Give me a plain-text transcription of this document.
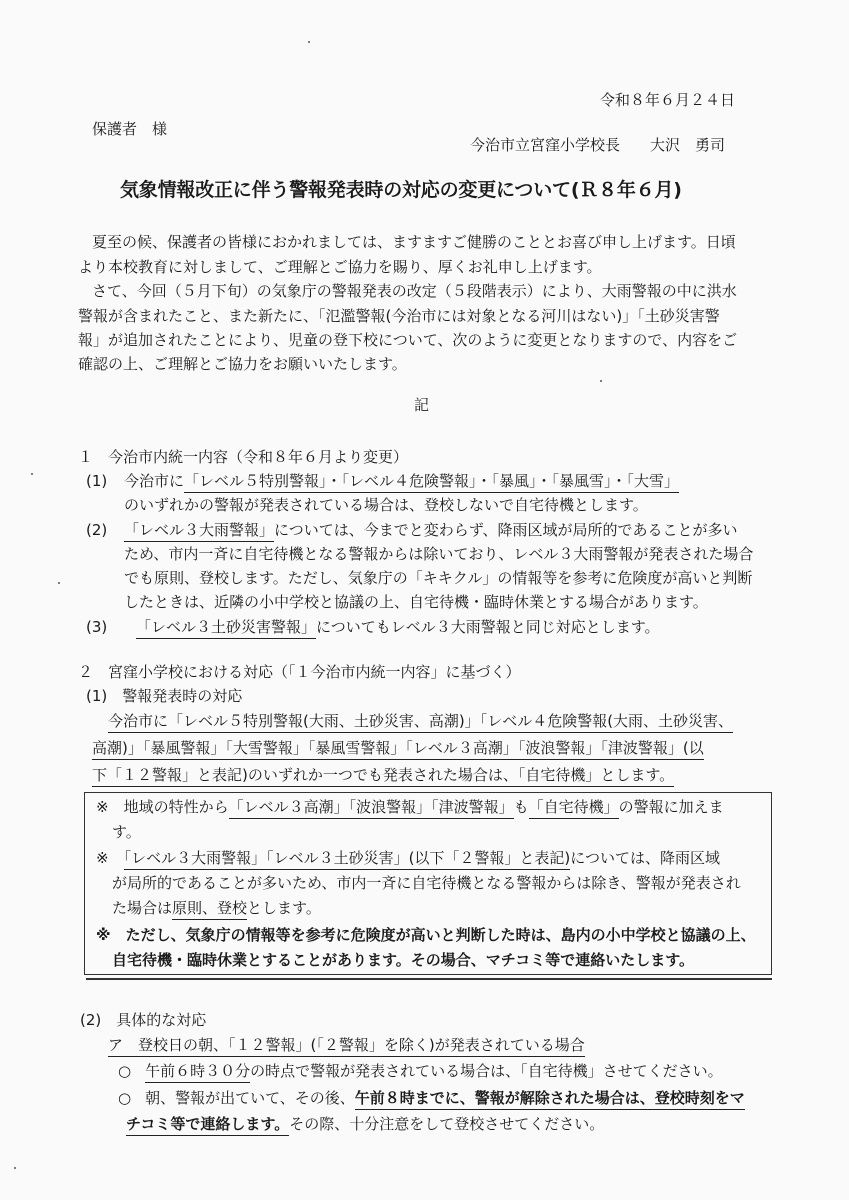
令和８年６月２４日
保護者　様
今治市立宮窪小学校長　　大沢　勇司
気象情報改正に伴う警報発表時の対応の変更について(Ｒ８年６月)
夏至の候、保護者の皆様におかれましては、ますますご健勝のこととお喜び申し上げます。日頃
より本校教育に対しまして、ご理解とご協力を賜り、厚くお礼申し上げます。
さて、今回（５月下旬）の気象庁の警報発表の改定（５段階表示）により、大雨警報の中に洪水
警報が含まれたこと、また新たに、「氾濫警報(今治市には対象となる河川はない)」「土砂災害警
報」が追加されたことにより、児童の登下校について、次のように変更となりますので、内容をご
確認の上、ご理解とご協力をお願いいたします。
記
１　今治市内統一内容（令和８年６月より変更）
(1) 今治市に「レベル５特別警報」・「レベル４危険警報」・「暴風」・「暴風雪」・「大雪」
のいずれかの警報が発表されている場合は、登校しないで自宅待機とします。
(2) 「レベル３大雨警報」については、今までと変わらず、降雨区域が局所的であることが多い
ため、市内一斉に自宅待機となる警報からは除いており、レベル３大雨警報が発表された場合
でも原則、登校します。ただし、気象庁の「キキクル」の情報等を参考に危険度が高いと判断
したときは、近隣の小中学校と協議の上、自宅待機・臨時休業とする場合があります。
(3) 「レベル３土砂災害警報」についてもレベル３大雨警報と同じ対応とします。
２　宮窪小学校における対応（「１今治市内統一内容」に基づく）
(1)　警報発表時の対応
今治市に「レベル５特別警報(大雨、土砂災害、高潮)」「レベル４危険警報(大雨、土砂災害、
高潮)」「暴風警報」「大雪警報」「暴風雪警報」「レベル３高潮」「波浪警報」「津波警報」(以
下「１２警報」と表記)のいずれか一つでも発表された場合は、「自宅待機」とします。
※　地域の特性から「レベル３高潮」「波浪警報」「津波警報」も「自宅待機」の警報に加えま
す。
※　「レベル３大雨警報」「レベル３土砂災害」(以下「２警報」と表記)については、降雨区域
が局所的であることが多いため、市内一斉に自宅待機となる警報からは除き、警報が発表され
た場合は原則、登校とします。
※　ただし、気象庁の情報等を参考に危険度が高いと判断した時は、島内の小中学校と協議の上、
自宅待機・臨時休業とすることがあります。その場合、マチコミ等で連絡いたします。
(2)　具体的な対応
ア　登校日の朝、「１２警報」(「２警報」を除く)が発表されている場合
○ 午前６時３０分の時点で警報が発表されている場合は、「自宅待機」させてください。
○ 朝、警報が出ていて、その後、午前８時までに、警報が解除された場合は、登校時刻をマ
チコミ等で連絡します。その際、十分注意をして登校させてください。
